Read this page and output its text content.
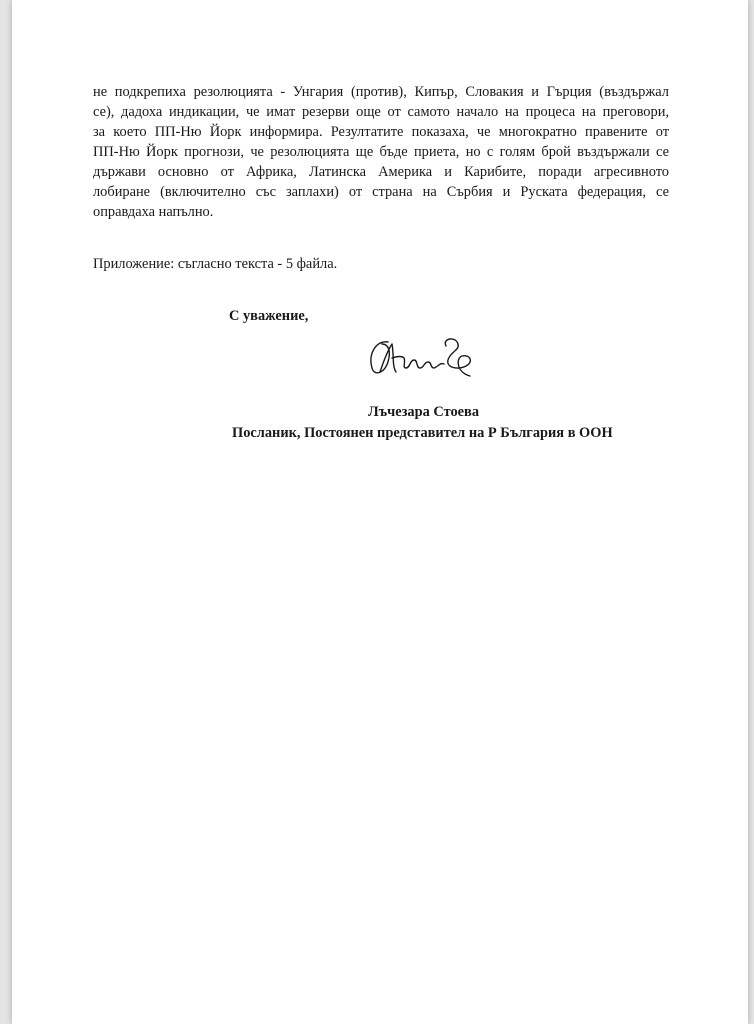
не подкрепиха резолюцията - Унгария (против), Кипър, Словакия и Гърция (въздържал
се), дадоха индикации, че имат резерви още от самото начало на процеса на преговори,
за което ПП-Ню Йорк информира. Резултатите показаха, че многократно правените от
ПП-Ню Йорк прогнози, че резолюцията ще бъде приета, но с голям брой въздържали се
държави основно от Африка, Латинска Америка и Карибите, поради агресивното
лобиране (включително със заплахи) от страна на Сърбия и Руската федерация, се
оправдаха напълно.
Приложение: съгласно текста - 5 файла.
С уважение,
Лъчезара Стоева
Посланик, Постоянен представител на Р България в ООН
